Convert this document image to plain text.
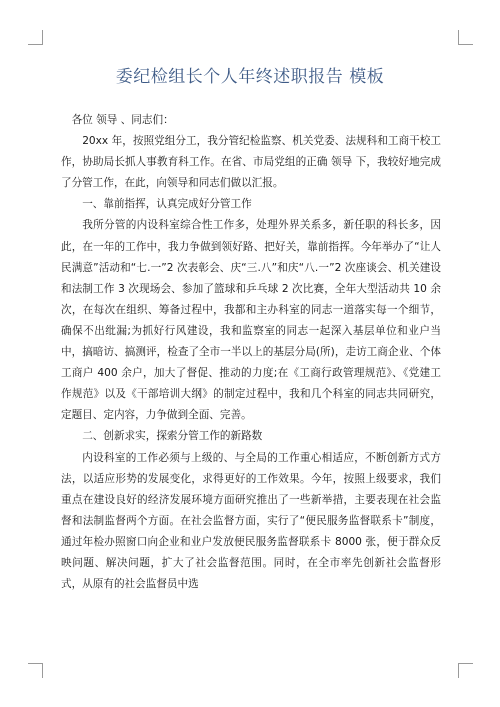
委纪检组长个人年终述职报告 模板

各位 领导 、同志们：

20xx 年，按照党组分工，我分管纪检监察、机关党委、法规科和工商干校工作，协助局长抓人事教育科工作。在省、市局党组的正确 领导 下，我较好地完成了分管工作，在此，向领导和同志们做以汇报。

一、靠前指挥，认真完成好分管工作

我所分管的内设科室综合性工作多，处理外界关系多，新任职的科长多，因此，在一年的工作中，我力争做到领好路、把好关，靠前指挥。今年举办了“让人民满意”活动和“七.一”2 次表彰会、庆“三.八”和庆“八.一”2 次座谈会、机关建设和法制工作 3 次现场会、参加了篮球和乒乓球 2 次比赛，全年大型活动共 10 余次，在每次在组织、筹备过程中，我都和主办科室的同志一道落实每一个细节，确保不出纰漏;为抓好行风建设，我和监察室的同志一起深入基层单位和业户当中，搞暗访、搞测评，检查了全市一半以上的基层分局(所)，走访工商企业、个体工商户 400 余户，加大了督促、推动的力度;在《工商行政管理规范》、《党建工作规范》以及《干部培训大纲》的制定过程中，我和几个科室的同志共同研究，定题目、定内容，力争做到全面、完善。

二、创新求实，探索分管工作的新路数

内设科室的工作必须与上级的、与全局的工作重心相适应，不断创新方式方法，以适应形势的发展变化，求得更好的工作效果。今年，按照上级要求，我们重点在建设良好的经济发展环境方面研究推出了一些新举措，主要表现在社会监督和法制监督两个方面。在社会监督方面，实行了“便民服务监督联系卡”制度，通过年检办照窗口向企业和业户发放便民服务监督联系卡 8000 张，便于群众反映问题、解决问题，扩大了社会监督范围。同时，在全市率先创新社会监督形式，从原有的社会监督员中选
